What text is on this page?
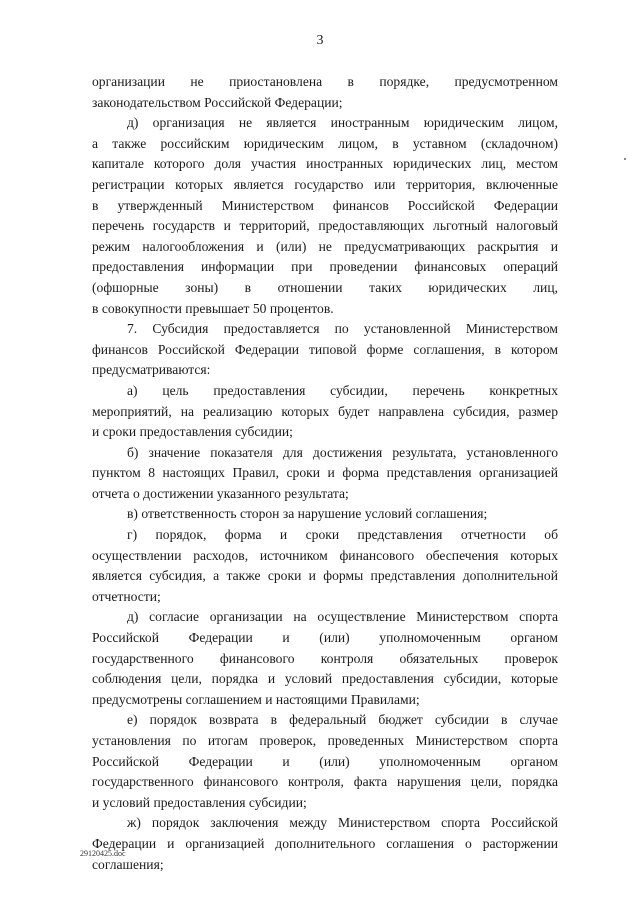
3
организации не приостановлена в порядке, предусмотренном
законодательством Российской Федерации;
д) организация не является иностранным юридическим лицом,
а также российским юридическим лицом, в уставном (складочном)
капитале которого доля участия иностранных юридических лиц, местом
регистрации которых является государство или территория, включенные
в утвержденный Министерством финансов Российской Федерации
перечень государств и территорий, предоставляющих льготный налоговый
режим налогообложения и (или) не предусматривающих раскрытия и
предоставления информации при проведении финансовых операций
(офшорные зоны) в отношении таких юридических лиц,
в совокупности превышает 50 процентов.
7. Субсидия предоставляется по установленной Министерством
финансов Российской Федерации типовой форме соглашения, в котором
предусматриваются:
а) цель предоставления субсидии, перечень конкретных
мероприятий, на реализацию которых будет направлена субсидия, размер
и сроки предоставления субсидии;
б) значение показателя для достижения результата, установленного
пунктом 8 настоящих Правил, сроки и форма представления организацией
отчета о достижении указанного результата;
в) ответственность сторон за нарушение условий соглашения;
г) порядок, форма и сроки представления отчетности об
осуществлении расходов, источником финансового обеспечения которых
является субсидия, а также сроки и формы представления дополнительной
отчетности;
д) согласие организации на осуществление Министерством спорта
Российской Федерации и (или) уполномоченным органом
государственного финансового контроля обязательных проверок
соблюдения цели, порядка и условий предоставления субсидии, которые
предусмотрены соглашением и настоящими Правилами;
е) порядок возврата в федеральный бюджет субсидии в случае
установления по итогам проверок, проведенных Министерством спорта
Российской Федерации и (или) уполномоченным органом
государственного финансового контроля, факта нарушения цели, порядка
и условий предоставления субсидии;
ж) порядок заключения между Министерством спорта Российской
Федерации и организацией дополнительного соглашения о расторжении
соглашения;
29120425.doc
